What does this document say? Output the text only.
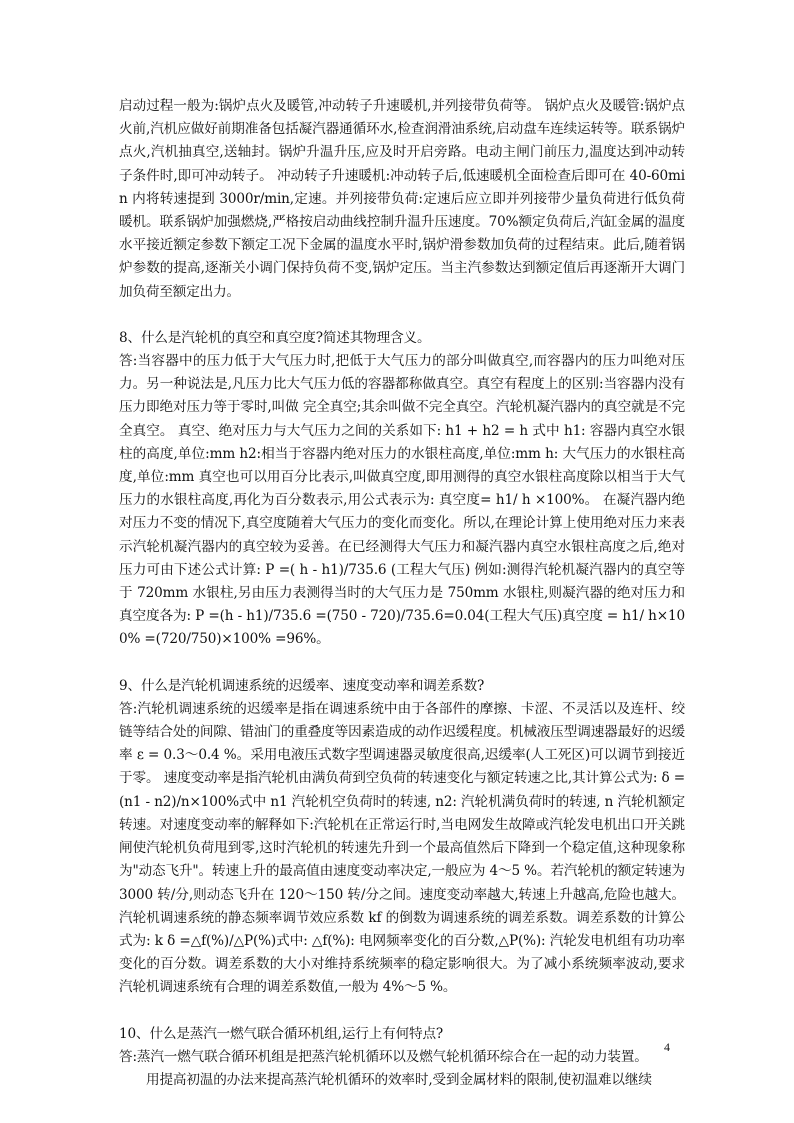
启动过程一般为:锅炉点火及暖管,冲动转子升速暖机,并列接带负荷等。 锅炉点火及暖管:锅炉点火前,汽机应做好前期准备包括凝汽器通循环水,检查润滑油系统,启动盘车连续运转等。联系锅炉点火,汽机抽真空,送轴封。锅炉升温升压,应及时开启旁路。电动主闸门前压力,温度达到冲动转子条件时,即可冲动转子。 冲动转子升速暖机:冲动转子后,低速暖机全面检查后即可在 40-60min 内将转速提到 3000r/min,定速。并列接带负荷:定速后应立即并列接带少量负荷进行低负荷暖机。联系锅炉加强燃烧,严格按启动曲线控制升温升压速度。70%额定负荷后,汽缸金属的温度水平接近额定参数下额定工况下金属的温度水平时,锅炉滑参数加负荷的过程结束。此后,随着锅炉参数的提高,逐渐关小调门保持负荷不变,锅炉定压。当主汽参数达到额定值后再逐渐开大调门加负荷至额定出力。

8、什么是汽轮机的真空和真空度?简述其物理含义。

答:当容器中的压力低于大气压力时,把低于大气压力的部分叫做真空,而容器内的压力叫绝对压力。另一种说法是,凡压力比大气压力低的容器都称做真空。真空有程度上的区别:当容器内没有压力即绝对压力等于零时,叫做 完全真空;其余叫做不完全真空。汽轮机凝汽器内的真空就是不完全真空。 真空、绝对压力与大气压力之间的关系如下: h1 + h2 = h 式中 h1: 容器内真空水银柱的高度,单位:mm h2:相当于容器内绝对压力的水银柱高度,单位:mm h: 大气压力的水银柱高度,单位:mm 真空也可以用百分比表示,叫做真空度,即用测得的真空水银柱高度除以相当于大气压力的水银柱高度,再化为百分数表示,用公式表示为: 真空度= h1/ h ×100%。 在凝汽器内绝对压力不变的情况下,真空度随着大气压力的变化而变化。所以,在理论计算上使用绝对压力来表示汽轮机凝汽器内的真空较为妥善。在已经测得大气压力和凝汽器内真空水银柱高度之后,绝对压力可由下述公式计算: P =( h - h1)/735.6 (工程大气压) 例如:测得汽轮机凝汽器内的真空等于 720mm 水银柱,另由压力表测得当时的大气压力是 750mm 水银柱,则凝汽器的绝对压力和真空度各为: P =(h - h1)/735.6 =(750 - 720)/735.6=0.04(工程大气压)真空度 = h1/ h×100% =(720/750)×100% =96%。

9、什么是汽轮机调速系统的迟缓率、速度变动率和调差系数?

答:汽轮机调速系统的迟缓率是指在调速系统中由于各部件的摩擦、卡涩、不灵活以及连杆、绞链等结合处的间隙、错油门的重叠度等因素造成的动作迟缓程度。机械液压型调速器最好的迟缓率 ε = 0.3～0.4 %。采用电液压式数字型调速器灵敏度很高,迟缓率(人工死区)可以调节到接近于零。 速度变动率是指汽轮机由满负荷到空负荷的转速变化与额定转速之比,其计算公式为: δ =(n1 - n2)/n×100%式中 n1 汽轮机空负荷时的转速, n2: 汽轮机满负荷时的转速, n 汽轮机额定转速。对速度变动率的解释如下:汽轮机在正常运行时,当电网发生故障或汽轮发电机出口开关跳闸使汽轮机负荷甩到零,这时汽轮机的转速先升到一个最高值然后下降到一个稳定值,这种现象称为"动态飞升"。转速上升的最高值由速度变动率决定,一般应为 4～5 %。若汽轮机的额定转速为 3000 转/分,则动态飞升在 120～150 转/分之间。速度变动率越大,转速上升越高,危险也越大。 汽轮机调速系统的静态频率调节效应系数 kf 的倒数为调速系统的调差系数。调差系数的计算公式为: k δ =△f(%)/△P(%)式中: △f(%): 电网频率变化的百分数,△P(%): 汽轮发电机组有功功率变化的百分数。调差系数的大小对维持系统频率的稳定影响很大。为了减小系统频率波动,要求汽轮机调速系统有合理的调差系数值,一般为 4%～5 %。

10、什么是蒸汽一燃气联合循环机组,运行上有何特点?

答:蒸汽一燃气联合循环机组是把蒸汽轮机循环以及燃气轮机循环综合在一起的动力装置。

用提高初温的办法来提高蒸汽轮机循环的效率时,受到金属材料的限制,使初温难以继续

4
